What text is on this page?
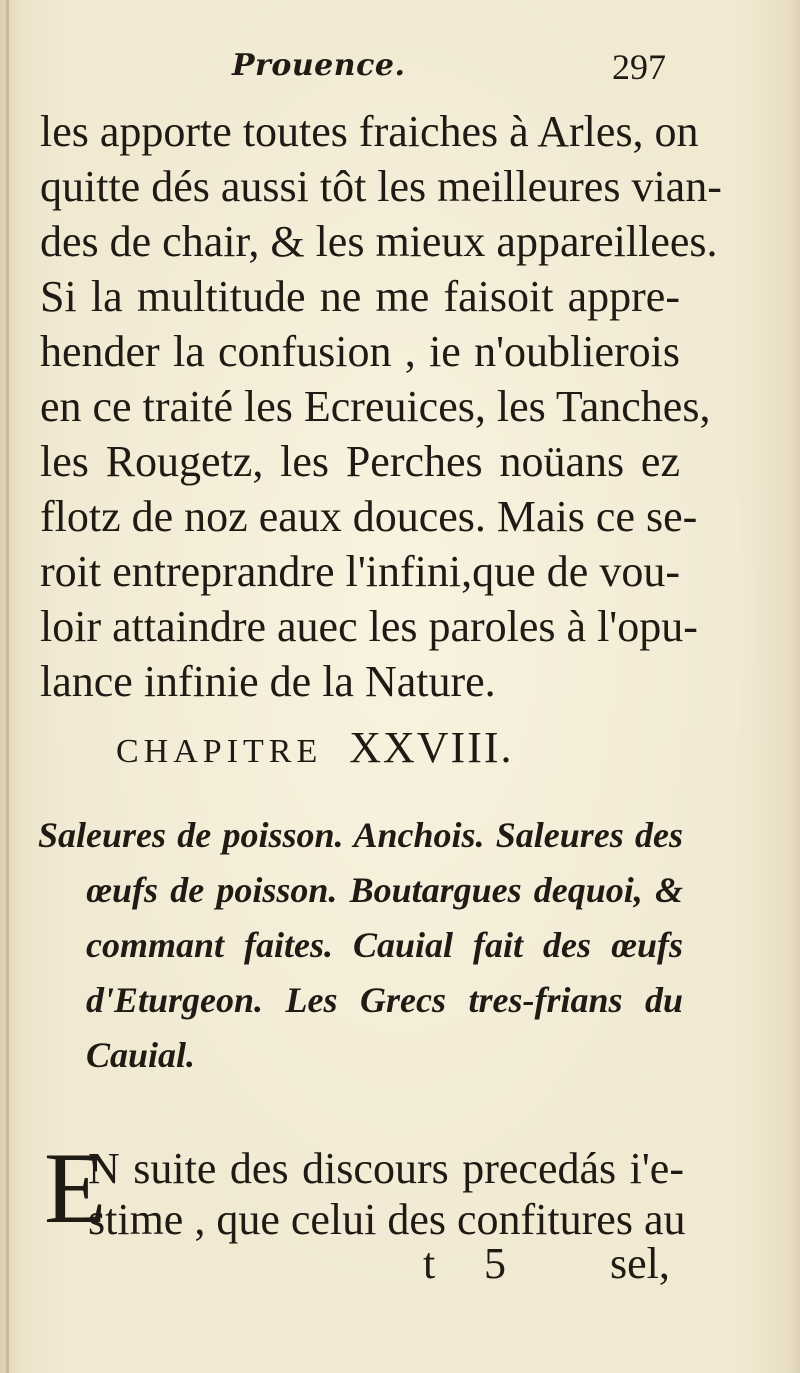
Prouence.	297
les apporte toutes fraiches à Arles, on
quitte dés aussi tôt les meilleures vian-
des de chair, & les mieux appareillees.
Si la multitude ne me faisoit appre-
hender la confusion , ie n'oublierois
en ce traité les Ecreuices, les Tanches,
les Rougetz, les Perches noüans ez
flotz de noz eaux douces. Mais ce se-
roit entreprandre l'infini,que de vou-
loir attaindre auec les paroles à l'opu-
lance infinie de la Nature.
CHAPITRE XXVIII.
Saleures de poisson. Anchois. Saleures des
œufs de poisson. Boutargues dequoi, &
commant faites. Cauial fait des œufs
d'Eturgeon. Les Grecs tres-frians du
Cauial.
E
N suite des discours precedás i'e-
stime , que celui des confitures au
t 5 sel,
